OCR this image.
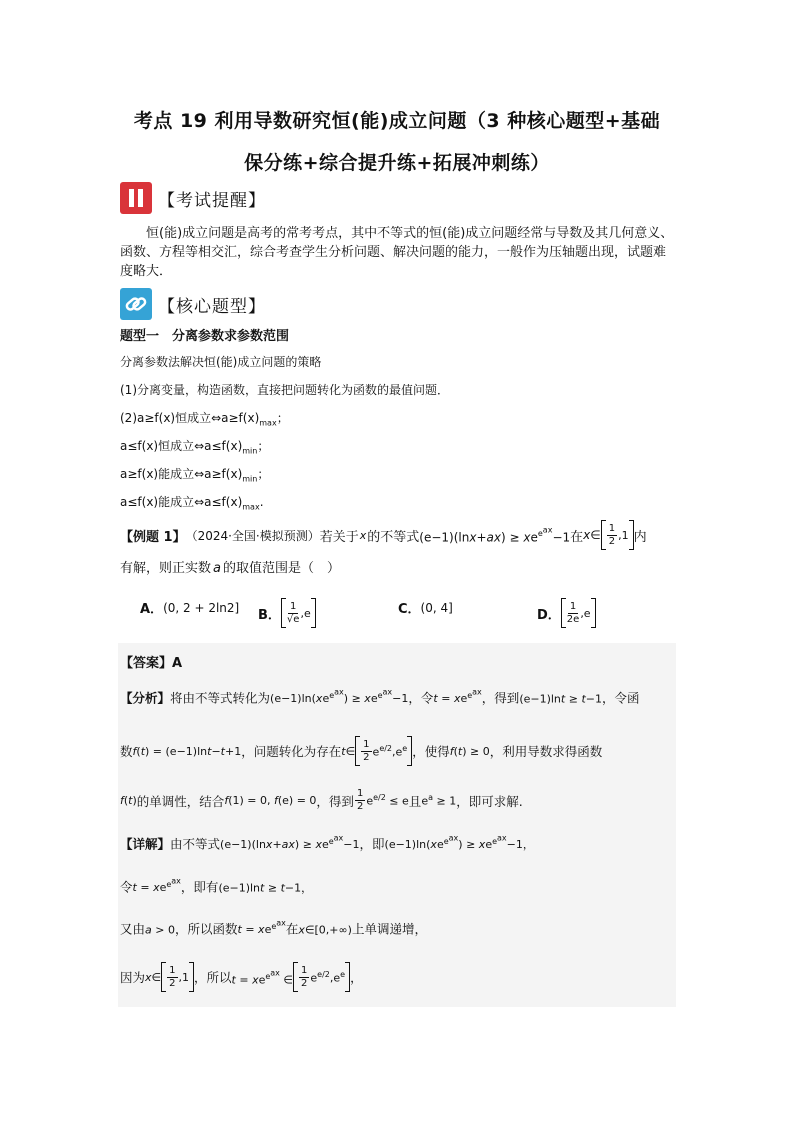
考点 19 利用导数研究恒(能)成立问题（3 种核心题型+基础
保分练+综合提升练+拓展冲刺练）
【考试提醒】
恒(能)成立问题是高考的常考考点，其中不等式的恒(能)成立问题经常与导数及其几何意义、函数、方程等相交汇，综合考查学生分析问题、解决问题的能力，一般作为压轴题出现，试题难度略大．
【核心题型】
题型一　分离参数求参数范围
分离参数法解决恒(能)成立问题的策略
(1)分离变量，构造函数，直接把问题转化为函数的最值问题．
(2)a≥f(x)恒成立$\Leftrightarrow a\ge f(x)_{max}$；
a≤f(x)恒成立$\Leftrightarrow a\le f(x)_{min}$；
a≥f(x)能成立$\Leftrightarrow a\ge f(x)_{min}$；
a≤f(x)能成立$\Leftrightarrow a\le f(x)_{max}$.
【例题 1】 （2024·全国·模拟预测） 若关于 x 的不等式 $(e-1)(\ln x+ax) \ge xe^{e^{ax}}-1$ 在 x∈ $\frac{1}{2} ,1$ 内
有解，则正实数 a 的取值范围是（　）
A． (0, 2 + 2ln2] B． $\frac{1}{√e} ,e$	C． (0, 4]	D． $\frac{1}{2e} ,e$
【答案】A
【分析】将由不等式转化为$(e-1)\ln(xe^{e^{ax}}) \ge xe^{e^{ax}}-1$，令$t = xe^{e^{ax}}$，得到(e−1)lnt ≥ t−1，令函
数 f(t) = (e−1)lnt−t+1 ，问题转化为存在 t∈ $\frac{1}{2} e^{e/2},e^e$ ，使得 f(t) ≥ 0 ，利用导数求得函数
f(t) 的单调性，结合 f(1) = 0, f(e) = 0 ，得到 $\frac{1}{2} e^{e/2} \le e$ 且 $e^a \ge 1$ ，即可求解.
【详解】由不等式$(e-1)(\ln x+ax) \ge xe^{e^{ax}}-1$，即$(e-1)\ln(xe^{e^{ax}}) \ge xe^{e^{ax}}-1$，
令$t = xe^{e^{ax}}$，即有(e−1)lnt ≥ t−1，
又由a > 0，所以函数$t = xe^{e^{ax}}$在x∈[0,+∞)上单调递增，
因为 x∈ $\frac{1}{2} ,1$ ，所以 $t = xe^{e^{ax}}$ ∈ $\frac{1}{2} e^{e/2},e^e$ ，
